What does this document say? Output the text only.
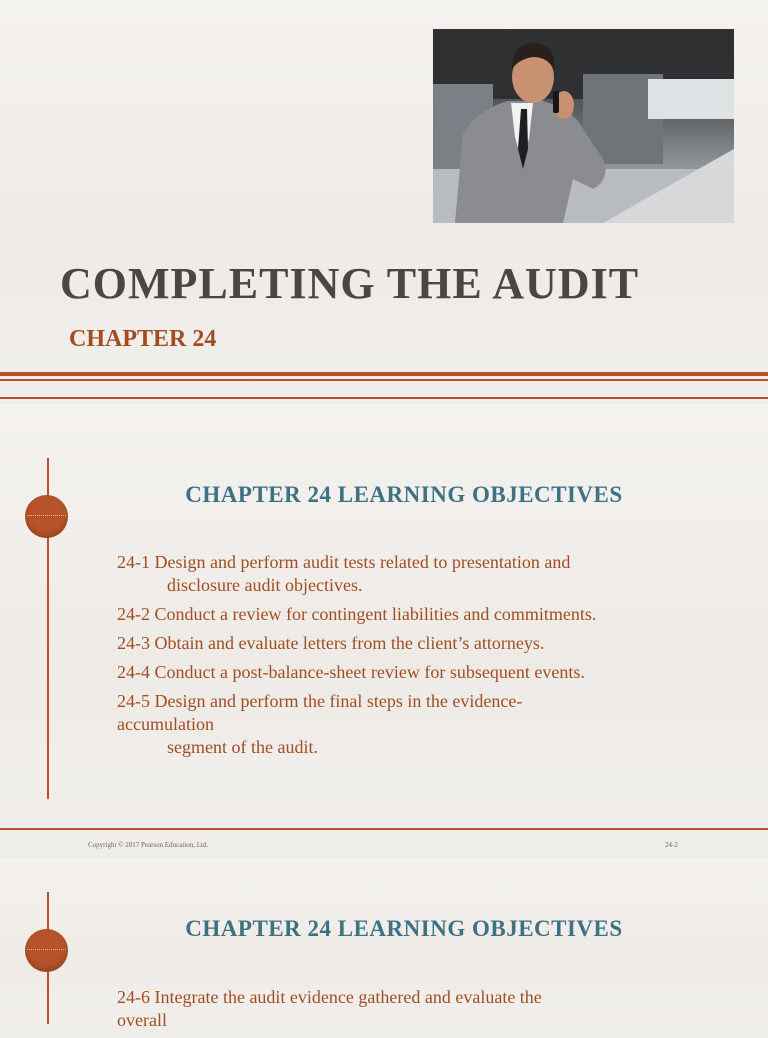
COMPLETING THE AUDIT
CHAPTER 24
CHAPTER 24 LEARNING OBJECTIVES
24-1 Design and perform audit tests related to presentation and
disclosure audit objectives.
24-2 Conduct a review for contingent liabilities and commitments.
24-3 Obtain and evaluate letters from the client’s attorneys.
24-4 Conduct a post-balance-sheet review for subsequent events.
24-5 Design and perform the final steps in the evidence-
accumulation
segment of the audit.
Copyright © 2017 Pearson Education, Ltd.	24-2
CHAPTER 24 LEARNING OBJECTIVES
24-6 Integrate the audit evidence gathered and evaluate the
overall
